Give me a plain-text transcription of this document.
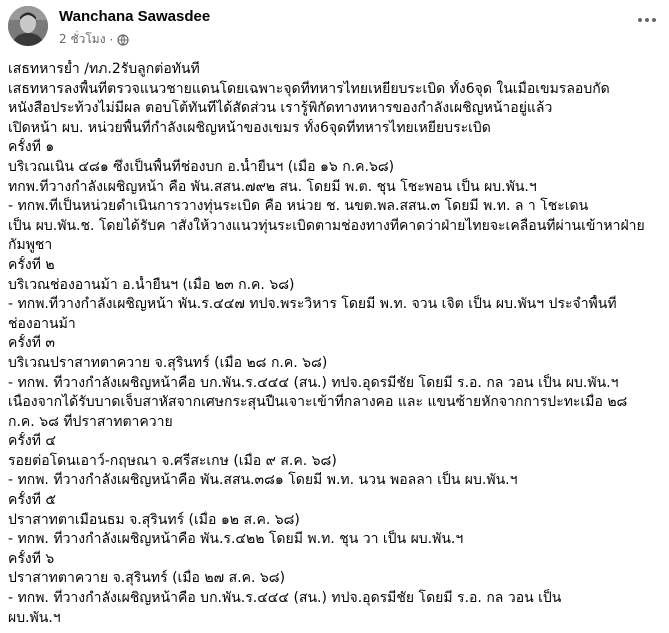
Wanchana Sawasdee
2 ชั่วโมง ·
เสธทหารย้ำ /ทภ.2รับลูกต่อทันที
เสธทหารลงพื้นที่ตรวจแนวชายแดนโดยเฉพาะจุดที่ทหารไทยเหยียบระเบิด ทั้ง6จุด ในเมื่อเขมรลอบกัด
หนังสือประท้วงไม่มีผล ตอบโต้ทันทีได้สัดส่วน เรารู้พิกัดทางทหารของกำลังเผชิญหน้าอยู่แล้ว
เปิดหน้า ผบ. หน่วยพื้นที่กำลังเผชิญหน้าของเขมร ทั้ง6จุดที่ทหารไทยเหยียบระเบิด
ครั้งที่ ๑
บริเวณเนิน ๔๘๑ ซึ่งเป็นพื้นที่ช่องบก อ.น้ำยืนฯ (เมื่อ ๑๖ ก.ค.๖๘)
ทกพ.ที่วางกำลังเผชิญหน้า คือ พัน.สสน.๗๙๒ สน. โดยมี พ.ต. ชุน โชะพอน เป็น ผบ.พัน.ฯ
- ทกพ.ที่เป็นหน่วยดำเนินการวางทุ่นระเบิด คือ หน่วย ช. นขต.พล.สสน.๓ โดยมี พ.ท. ล า โชะเดน
เป็น ผบ.พัน.ช. โดยได้รับค าสั่งให้วางแนวทุ่นระเบิดตามช่องทางที่คาดว่าฝ่ายไทยจะเคลื่อนที่ผ่านเข้าหาฝ่าย
กัมพูชา
ครั้งที่ ๒
บริเวณช่องอานม้า อ.น้ำยืนฯ (เมื่อ ๒๓ ก.ค. ๖๘)
- ทกพ.ที่วางกำลังเผชิญหน้า พัน.ร.๔๔๗ ทปจ.พระวิหาร โดยมี พ.ท. จวน เจิต เป็น ผบ.พันฯ ประจำพื้นที่
ช่องอานม้า
ครั้งที่ ๓
บริเวณปราสาทตาควาย จ.สุรินทร์ (เมื่อ ๒๘ ก.ค. ๖๘)
- ทกพ. ที่วางกำลังเผชิญหน้าคือ บก.พัน.ร.๔๔๔ (สน.) ทปจ.อุดรมีชัย โดยมี ร.อ. กล วอน เป็น ผบ.พัน.ฯ
เนื่องจากได้รับบาดเจ็บสาหัสจากเศษกระสุนปืนเจาะเข้าที่กลางคอ และ แขนซ้ายหักจากการปะทะเมื่อ ๒๘
ก.ค. ๖๘ ที่ปราสาทตาควาย
ครั้งที่ ๔
รอยต่อโดนเอาว์-กฤษณา จ.ศรีสะเกษ (เมื่อ ๙ ส.ค. ๖๘)
- ทกพ. ที่วางกำลังเผชิญหน้าคือ พัน.สสน.๓๘๑ โดยมี พ.ท. นวน พอลลา เป็น ผบ.พัน.ฯ
ครั้งที่ ๕
ปราสาทตาเมือนธม จ.สุรินทร์ (เมื่อ ๑๒ ส.ค. ๖๘)
- ทกพ. ที่วางกำลังเผชิญหน้าคือ พัน.ร.๔๒๒ โดยมี พ.ท. ชุน วา เป็น ผบ.พัน.ฯ
ครั้งที่ ๖
ปราสาทตาควาย จ.สุรินทร์ (เมื่อ ๒๗ ส.ค. ๖๘)
- ทกพ. ที่วางกำลังเผชิญหน้าคือ บก.พัน.ร.๔๔๔ (สน.) ทปจ.อุดรมีชัย โดยมี ร.อ. กล วอน เป็น
ผบ.พัน.ฯ
